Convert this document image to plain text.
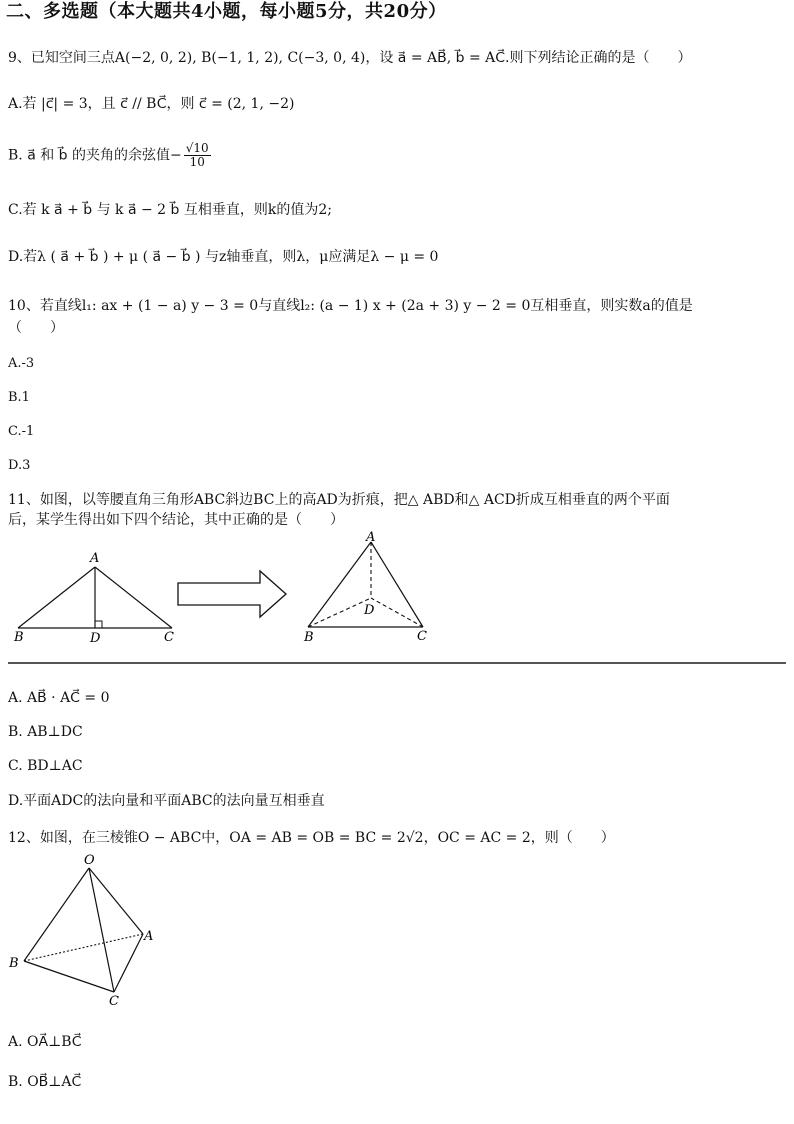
二、多选题（本大题共4小题，每小题5分，共20分）
9、已知空间三点A(−2, 0, 2), B(−1, 1, 2), C(−3, 0, 4)，设 a⃗ = AB⃗, b⃗ = AC⃗.则下列结论正确的是（　　）
A.若 |c⃗| = 3，且 c⃗ // BC⃗，则 c⃗ = (2, 1, −2)
B. a⃗ 和 b⃗ 的夹角的余弦值− $\frac{√10}{10}$
C.若 k a⃗ + b⃗ 与 k a⃗ − 2 b⃗ 互相垂直，则k的值为2;
D.若λ ( a⃗ + b⃗ ) + μ ( a⃗ − b⃗ ) 与z轴垂直，则λ，μ应满足λ − μ = 0
10、若直线l₁: ax + (1 − a) y − 3 = 0与直线l₂: (a − 1) x + (2a + 3) y − 2 = 0互相垂直，则实数a的值是
（　　）
A.-3
B.1
C.-1
D.3
11、如图，以等腰直角三角形ABC斜边BC上的高AD为折痕，把△ ABD和△ ACD折成互相垂直的两个平面
后，某学生得出如下四个结论，其中正确的是（　　）
A
B	D	C
A
D
B	C
A. AB⃗ · AC⃗ = 0
B. AB⊥DC
C. BD⊥AC
D.平面ADC的法向量和平面ABC的法向量互相垂直
12、如图，在三棱锥O − ABC中，OA = AB = OB = BC = 2√2，OC = AC = 2，则（　　）
O
A
B
C
A. OA⃗⊥BC⃗
B. OB⃗⊥AC⃗
